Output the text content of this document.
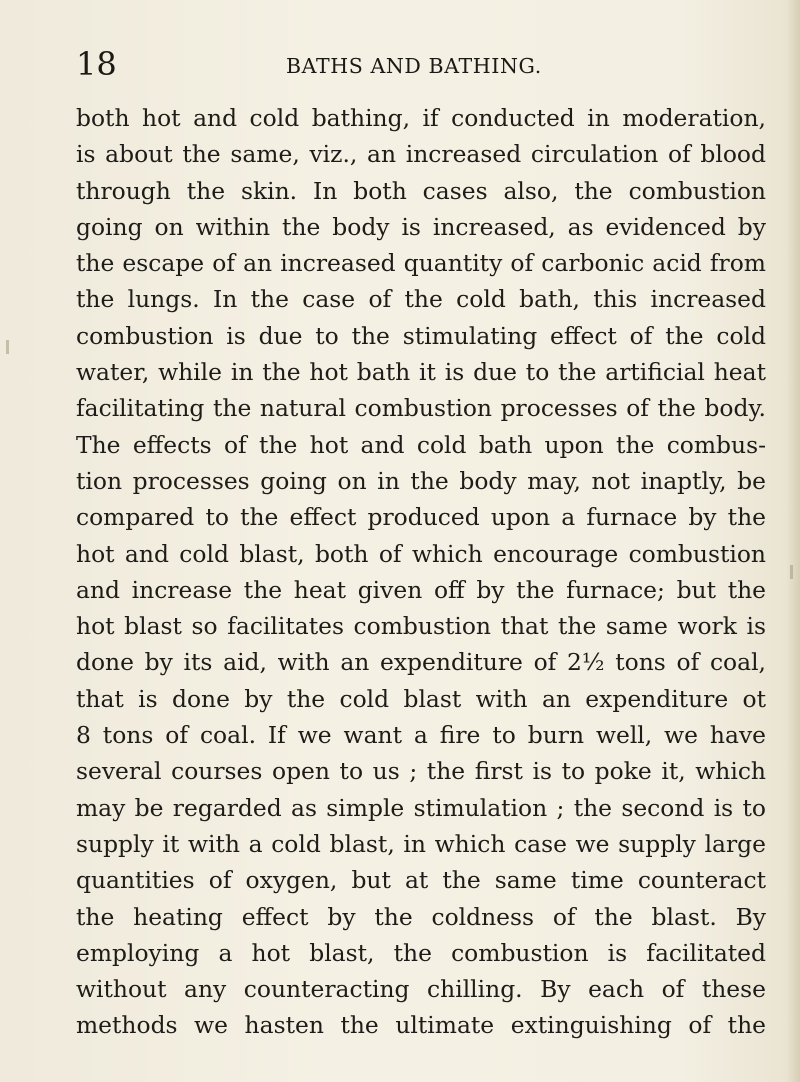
18	BATHS AND BATHING.
both hot and cold bathing, if conducted in moderation,
is about the same, viz., an increased circulation of blood
through the skin. In both cases also, the combustion
going on within the body is increased, as evidenced by
the escape of an increased quantity of carbonic acid from
the lungs. In the case of the cold bath, this increased
combustion is due to the stimulating effect of the cold
water, while in the hot bath it is due to the artificial heat
facilitating the natural combustion processes of the body.
The effects of the hot and cold bath upon the combus-
tion processes going on in the body may, not inaptly, be
compared to the effect produced upon a furnace by the
hot and cold blast, both of which encourage combustion
and increase the heat given off by the furnace; but the
hot blast so facilitates combustion that the same work is
done by its aid, with an expenditure of 2½ tons of coal,
that is done by the cold blast with an expenditure ot
8 tons of coal. If we want a fire to burn well, we have
several courses open to us ; the first is to poke it, which
may be regarded as simple stimulation ; the second is to
supply it with a cold blast, in which case we supply large
quantities of oxygen, but at the same time counteract
the heating effect by the coldness of the blast. By
employing a hot blast, the combustion is facilitated
without any counteracting chilling. By each of these
methods we hasten the ultimate extinguishing of the
